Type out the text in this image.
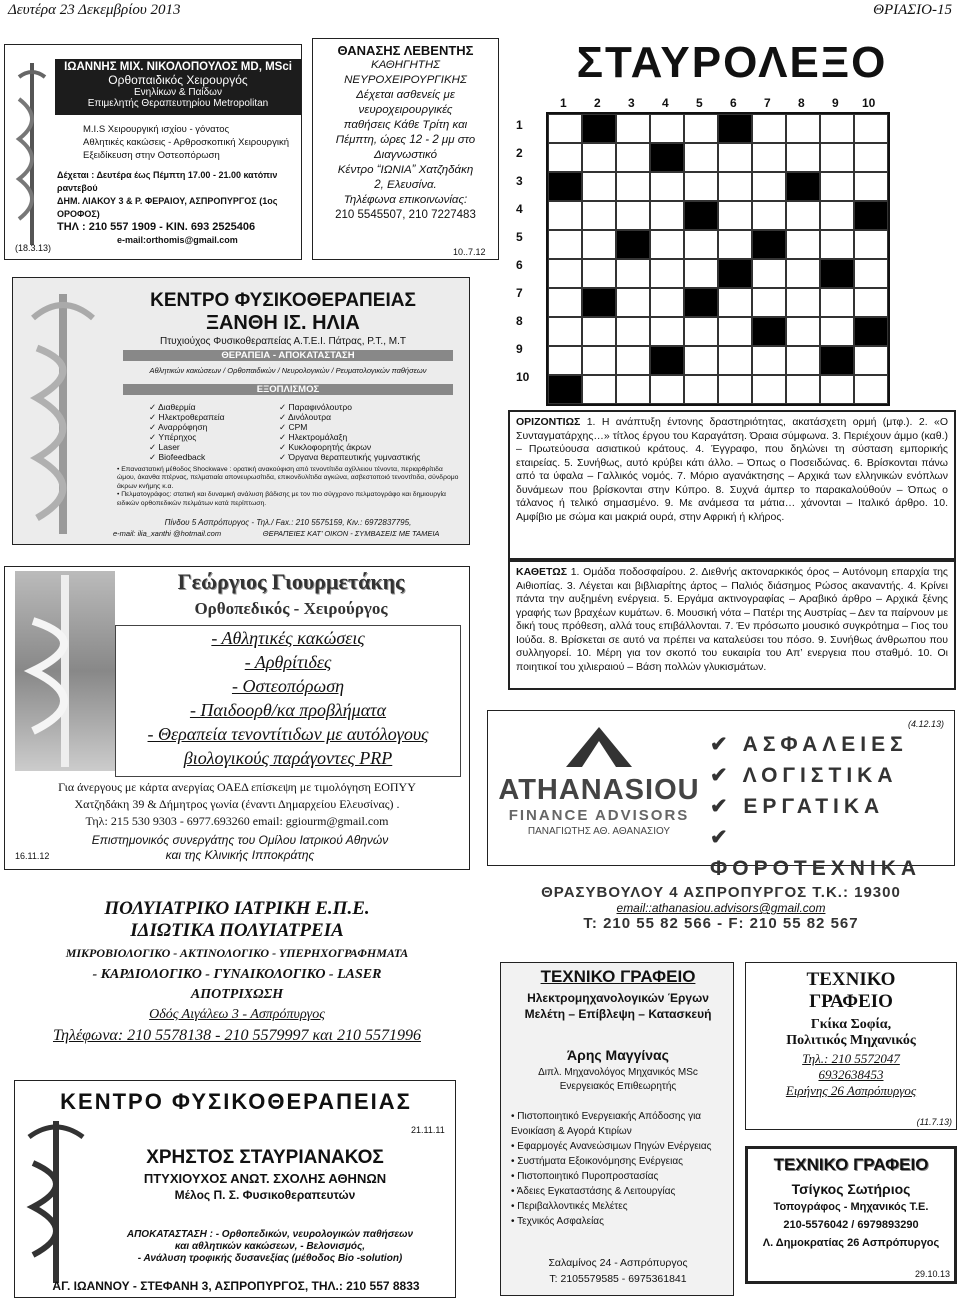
Δευτέρα 23 Δεκεμβρίου 2013	ΘΡΙΑΣΙΟ-15
ΙΩΑΝΝΗΣ ΜΙΧ. ΝΙΚΟΛΟΠΟΥΛΟΣ MD, MSci
Ορθοπαιδικός Χειρουργός
Ενηλίκων & Παίδων
Επιμελητής Θεραπευτηρίου Metropolitan
M.I.S Χειρουργική ισχίου - γόνατος
Αθλητικές κακώσεις - Αρθροσκοπική Χειρουργική
Εξειδίκευση στην Οστεοπόρωση
Δέχεται : Δευτέρα έως Πέμπτη 17.00 - 21.00 κατόπιν ραντεβού
ΔΗΜ. ΛΙΑΚΟΥ 3 & Ρ. ΦΕΡΑΙΟΥ, ΑΣΠΡΟΠΥΡΓΟΣ (1ος ΟΡΟΦΟΣ)
ΤΗΛ : 210 557 1909 - ΚΙΝ. 693 2525406
e-mail:orthomis@gmail.com
(18.3.13)
ΘΑΝΑΣΗΣ ΛΕΒΕΝΤΗΣ
ΚΑΘΗΓΗΤΗΣ
ΝΕΥΡΟΧΕΙΡΟΥΡΓΙΚΗΣ
Δέχεται ασθενείς με
νευροχειρουργικές
παθήσεις Κάθε Τρίτη και
Πέμπτη, ώρες 12 - 2 μμ στο
Διαγνωστικό
Κέντρο “ΙΩΝΙΑ” Χατζηδάκη
2, Ελευσίνα.
Τηλέφωνα επικοινωνίας:
210 5545507, 210 7227483
10..7.12
ΣΤΑΥΡΟΛΕΞΟ
1 2 3 4 5 6 7 8 9 10
1
2
3
4
5
6
7
8
9
10
ΟΡΙΖΟΝΤΙΩΣ 1. Η ανάπτυξη έντονης δραστηριότητας, ακατάσχετη ορμή (μτφ.). 2. «Ο Συνταγματάρχης…» τίτλος έργου του Καραγάτση. Όραια σύμφωνα. 3. Περιέχουν άμμο (καθ.) – Πρωτεύουσα ασιατικού κράτους. 4. Έγγραφο, που δηλώνει τη σύσταση εμπορικής εταιρείας. 5. Συνήθως, αυτό κρύβει κάτι άλλο. – Όπως ο Ποσειδώνας. 6. Βρίσκονται πάνω από τα ύφαλα – Γαλλικός νομός. 7. Μόριο αγανάκτησης – Αρχικά των ελληνικών ενόπλων δυνάμεων που βρίσκονται στην Κύπρο. 8. Συχνά άμπερ το παρακαλούθούν – Όπως ο τάλανος ή τελικό σημασμένο. 9. Με ανάμεσα τα μάτια… χάνονται – Ιταλικό άρθρο. 10. Αμφίβιο με σώμα και μακριά ουρά, στην Αφρική ή κλήρος.
ΚΑΘΕΤΩΣ 1. Ομάδα ποδοσφαίρου. 2. Διεθνής ακτοναρκικός όρος – Αυτόνομη επαρχία της Αιθιοπίας. 3. Λέγεται και βιβλιαρίτης άρτος – Παλιός διάσημος Ρώσος ακαναντής. 4. Κρίνει πάντα την αυξημένη ενέργεια. 5. Εργάμα ακτινογραφίας – Αραβικό άρθρο – Αρχικά ξένης γραφής των βραχέων κυμάτων. 6. Μουσική νότα – Πατέρι της Αυστρίας – Δεν τα παίρνουν με δική τους πρόθεση, αλλά τους επιβάλλονται. 7. Έν πρόσωπο μουσικό συγκρότημα – Γιος του Ιούδα. 8. Βρίσκεται σε αυτό να πρέπει να καταλεύσει του πόσο. 9. Συνήθως άνθρωπου που συλληγορεί. 10. Μέρη για τον σκοπό του ευκαιρία του Απ’ ενεργεια που σταθμό. 10. Οι ποιητικοί του χιλιεραιού – Βάση πολλών γλυκισμάτων.
ΚΕΝΤΡΟ ΦΥΣΙΚΟΘΕΡΑΠΕΙΑΣ
ΞΑΝΘΗ ΙΣ. ΗΛΙΑ
Πτυχιούχος Φυσικοθεραπείας Α.Τ.Ε.Ι. Πάτρας, P.T., M.T
ΘΕΡΑΠΕΙΑ - ΑΠΟΚΑΤΑΣΤΑΣΗ
Αθλητικών κακώσεων / Ορθοπαιδικών / Νευρολογικών / Ρευματολογικών παθήσεων
ΕΞΟΠΛΙΣΜΟΣ
✓ Διαθερμία
✓ Ηλεκτροθεραπεία
✓ Αναρρόφηση
✓ Υπέρηχος
✓ Laser
✓ Biofeedback
✓ Παραφινόλουτρο
✓ Δινόλουτρα
✓ CPM
✓ Ηλεκτρομάλαξη
✓ Κυκλοφορητής άκρων
✓ Όργανα θεραπευτικής γυμναστικής
• Επαναστατική μέθοδος Shockwave : ορατική ανακούφιση από τενοντίτιδα αχίλλειου τένοντα, περιαρθρίτιδα ώμου, άκανθα πτέρνας, πελματιαία απονευρωσίτιδα, επικονδυλίτιδα αγκώνα, ασβεστοποιό τενοντίτιδα, σύνδρομο άκρων κνήμης κ.α.
• Πελματογράφος: στατική και δυναμική ανάλυση βάδισης με τον πιο σύγχρονο πελματογράφο και δημιουργία ειδικών ορθοπεδικών πελμάτων κατά περίπτωση.
Πίνδου 5 Ασπρόπυργος - Τηλ./ Fax.: 210 5575159, Κιν.: 6972837795,
e-mail: ilia_xanthi @hotmail.com                    ΘΕΡΑΠΕΙΕΣ ΚΑΤ’ ΟΙΚΟΝ - ΣΥΜΒΑΣΕΙΣ ΜΕ ΤΑΜΕΙΑ
Γεώργιος Γιουρμετάκης
Ορθοπεδικός - Χειρούργος
- Αθλητικές κακώσεις
- Αρθρίτιδες
- Οστεοπόρωση
- Παιδοορθ/κα προβλήματα
- Θεραπεία τενοντίτιδων με αυτόλογους
βιολογικούς παράγοντες PRP
Για άνεργους με κάρτα ανεργίας ΟΑΕΔ επίσκεψη με τιμολόγηση ΕΟΠΥΥ
Χατζηδάκη 39 & Δήμητρος γωνία (έναντι Δημαρχείου Ελευσίνας) .
Τηλ: 215 530 9303 - 6977.693260 email: ggiourm@gmail.com
Επιστημονικός συνεργάτης του Ομίλου Ιατρικού Αθηνών
και της Κλινικής Ιπποκράτης
16.11.12
ATHANASIOU
FINANCE ADVISORS
ΠΑΝΑΓΙΩΤΗΣ ΑΘ. ΑΘΑΝΑΣΙΟΥ
✔ ΑΣΦΑΛΕΙΕΣ
✔ ΛΟΓΙΣΤΙΚΑ
✔ ΕΡΓΑΤΙΚΑ
✔ ΦΟΡΟΤΕΧΝΙΚΑ
(4.12.13)
ΘΡΑΣΥΒΟΥΛΟΥ 4 ΑΣΠΡΟΠΥΡΓΟΣ Τ.Κ.: 19300
email::athanasiou.advisors@gmail.com
Τ: 210 55 82 566 - F: 210 55 82 567
ΠΟΛΥΙΑΤΡΙΚΟ ΙΑΤΡΙΚΗ Ε.Π.Ε.
ΙΔΙΩΤΙΚΑ ΠΟΛΥΙΑΤΡΕΙΑ
ΜΙΚΡΟΒΙΟΛΟΓΙΚΟ - ΑΚΤΙΝΟΛΟΓΙΚΟ - ΥΠΕΡΗΧΟΓΡΑΦΗΜΑΤΑ
- ΚΑΡΔΙΟΛΟΓΙΚΟ - ΓΥΝΑΙΚΟΛΟΓΙΚΟ - LASER
ΑΠΟΤΡΙΧΩΣΗ
Οδός Αιγάλεω 3 - Ασπρόπυργος
Τηλέφωνα: 210 5578138 - 210 5579997 και 210 5571996
ΚΕΝΤΡΟ ΦΥΣΙΚΟΘΕΡΑΠΕΙΑΣ
21.11.11
ΧΡΗΣΤΟΣ ΣΤΑΥΡΙΑΝΑΚΟΣ
ΠΤΥΧΙΟΥΧΟΣ ΑΝΩΤ. ΣΧΟΛΗΣ ΑΘΗΝΩΝ
Μέλος Π. Σ. Φυσικοθεραπευτών
ΑΠΟΚΑΤΑΣΤΑΣΗ : - Ορθοπεδικών, νευρολογικών παθήσεων
και αθλητικών κακώσεων, - Βελονισμός,
- Ανάλυση τροφικής δυσανεξίας (μέθοδος Bio -solution)
ΑΓ. ΙΩΑΝΝΟΥ - ΣΤΕΦΑΝΗ 3, ΑΣΠΡΟΠΥΡΓΟΣ, ΤΗΛ.: 210 557 8833
ΤΕΧΝΙΚΟ ΓΡΑΦΕΙΟ
Ηλεκτρομηχανολογικών Έργων
Μελέτη – Επίβλεψη – Κατασκευή
Άρης Μαγγίνας
Διπλ. Μηχανολόγος Μηχανικός MSc
Ενεργειακός Επιθεωρητής
• Πιστοποιητικό Ενεργειακής Απόδοσης για Ενοικίαση & Αγορά Κτιρίων
• Εφαρμογές Ανανεώσιμων Πηγών Ενέργειας
• Συστήματα Εξοικονόμησης Ενέργειας
• Πιστοποιητικό Πυροπροστασίας
• Άδειες Εγκαταστάσης & Λειτουργίας
• Περιβαλλοντικές Μελέτες
• Τεχνικός Ασφαλείας
Σαλαμίνος 24 - Ασπρόπυργος
Τ: 2105579585 - 6975361841
ΤΕΧΝΙΚΟ
ΓΡΑΦΕΙΟ
Γκίκα Σοφία,
Πολιτικός Μηχανικός
Τηλ.: 210 5572047
6932638453
Ειρήνης 26 Ασπρόπυργος
(11.7.13)
ΤΕΧΝΙΚΟ ΓΡΑΦΕΙΟ
Τσίγκος Σωτήριος
Τοπογράφος - Μηχανικός Τ.Ε.
210-5576042 / 6979893290
Λ. Δημοκρατίας 26 Ασπρόπυργος
29.10.13
